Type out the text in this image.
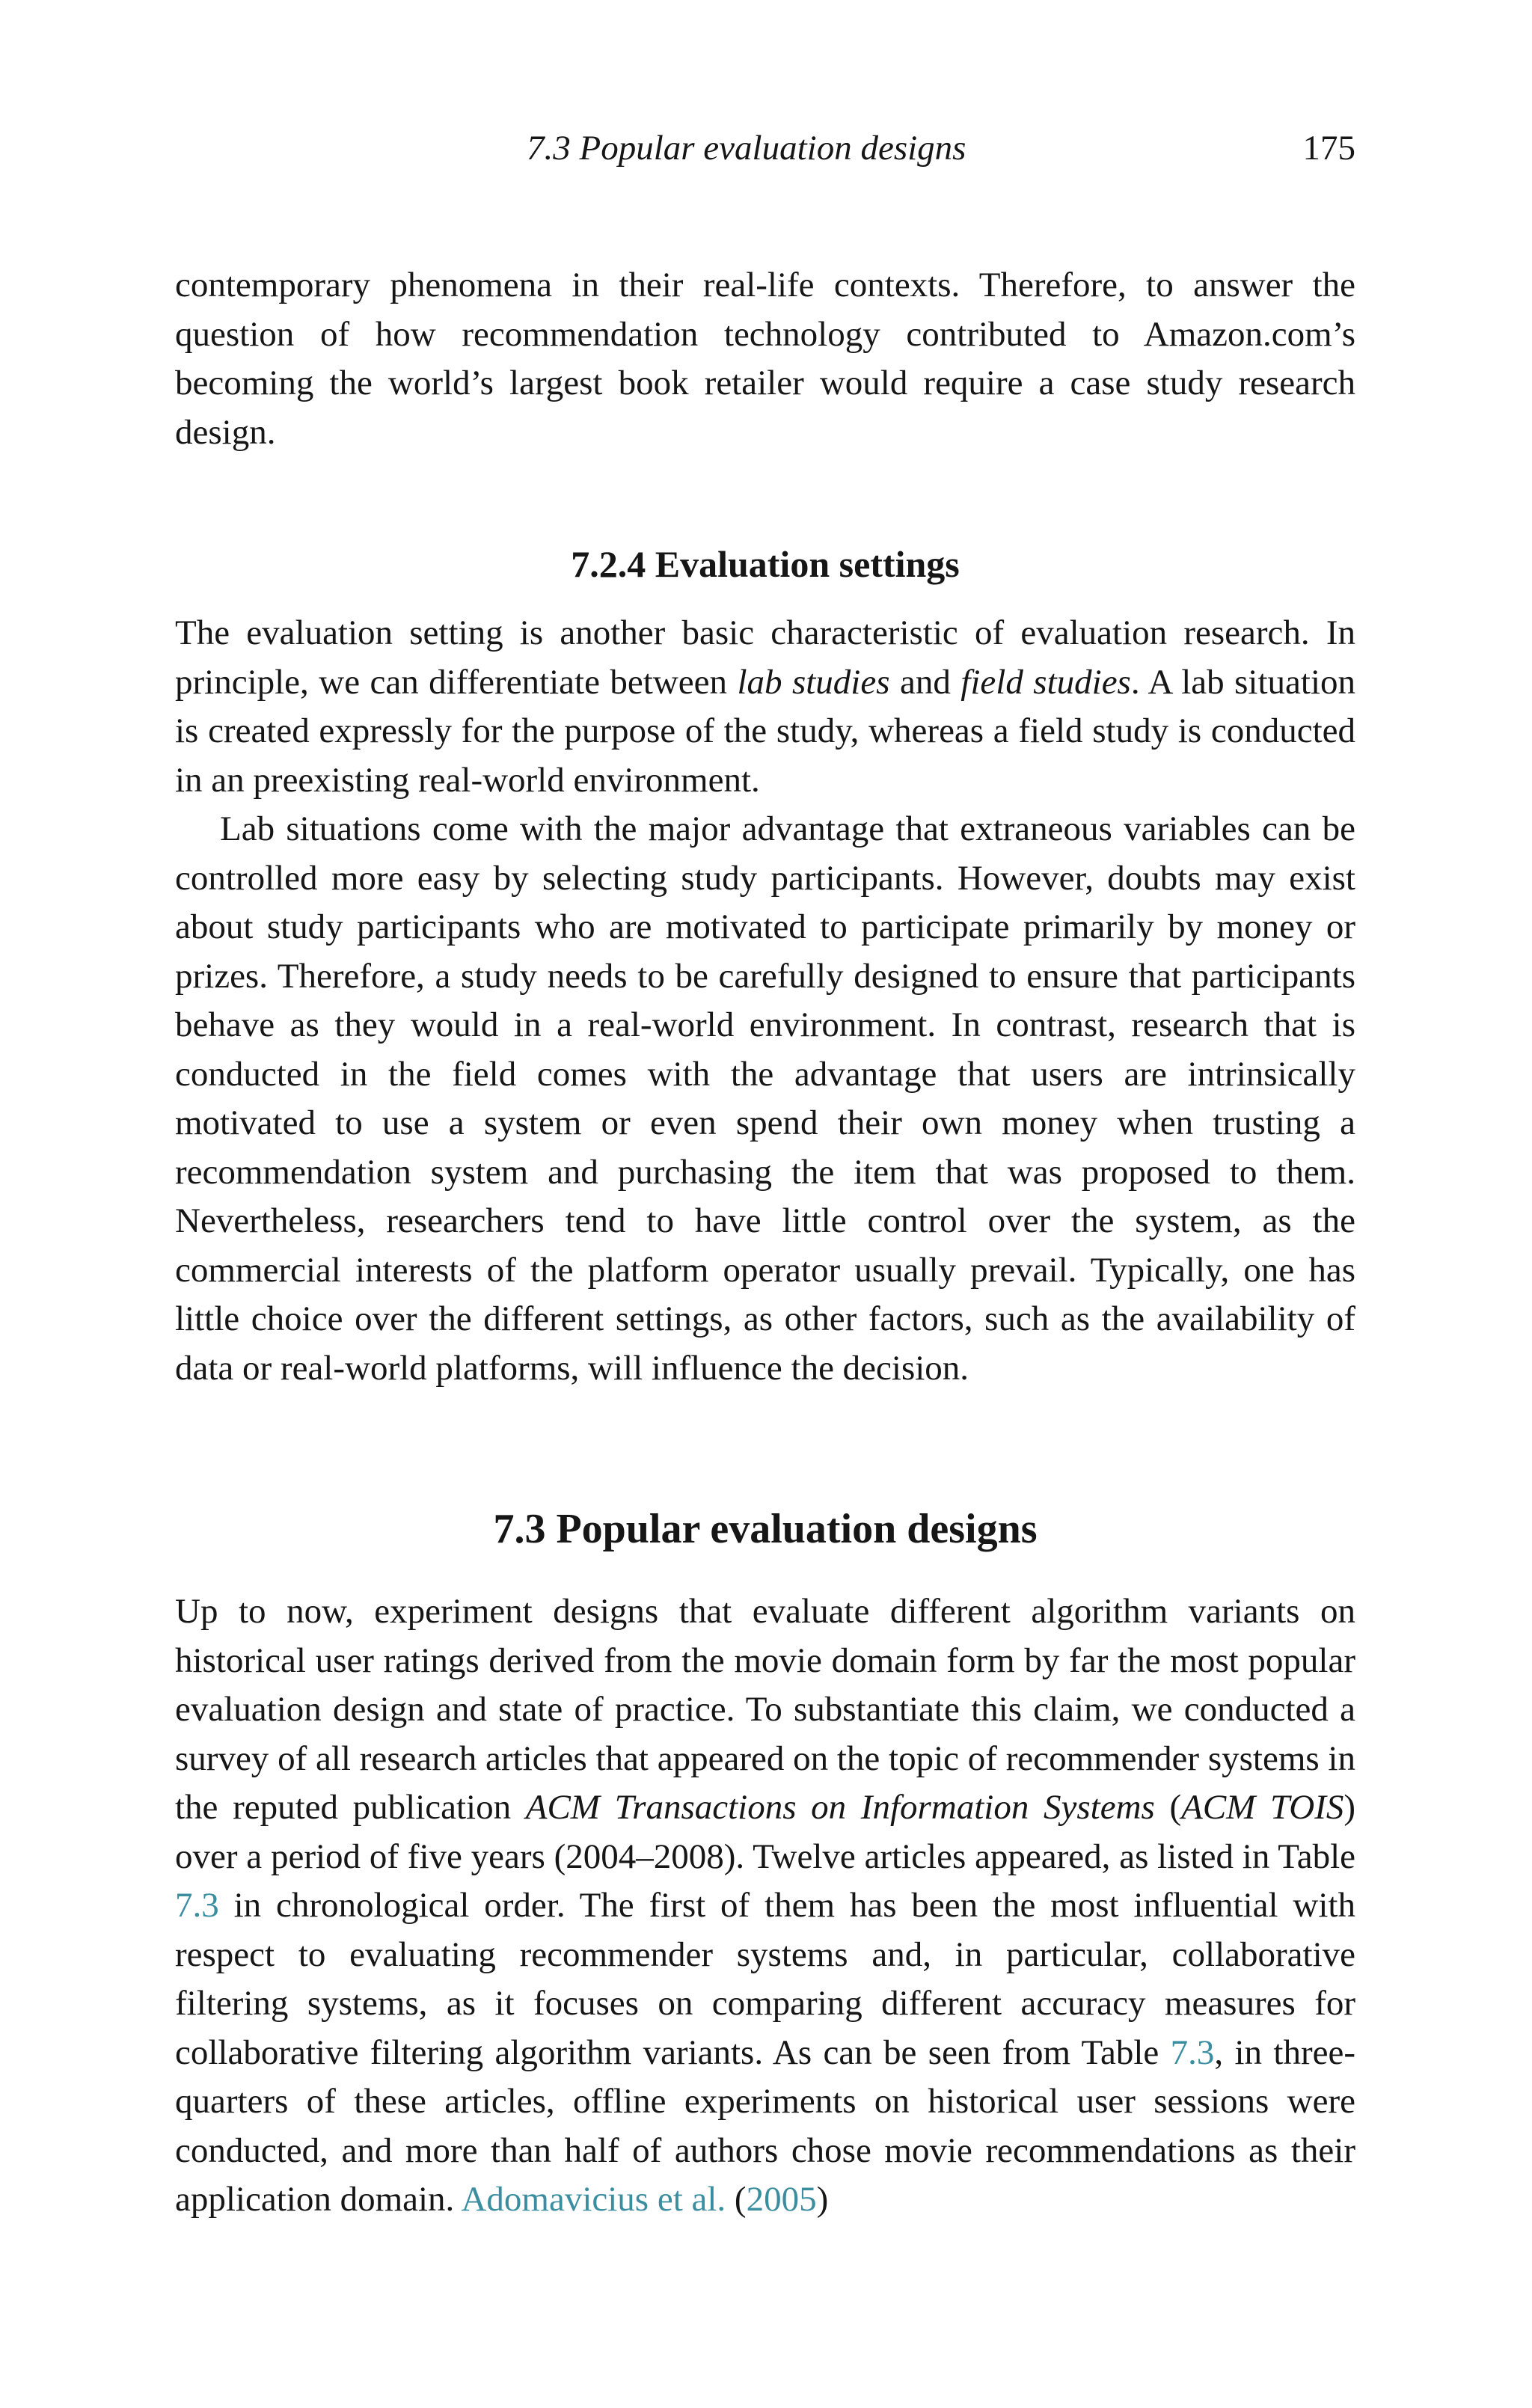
7.3 Popular evaluation designs	175

contemporary phenomena in their real-life contexts. Therefore, to answer the question of how recommendation technology contributed to Amazon.com’s becoming the world’s largest book retailer would require a case study research design.

7.2.4 Evaluation settings

The evaluation setting is another basic characteristic of evaluation research. In principle, we can differentiate between lab studies and field studies. A lab situation is created expressly for the purpose of the study, whereas a field study is conducted in an preexisting real-world environment.

Lab situations come with the major advantage that extraneous variables can be controlled more easy by selecting study participants. However, doubts may exist about study participants who are motivated to participate primarily by money or prizes. Therefore, a study needs to be carefully designed to ensure that participants behave as they would in a real-world environment. In contrast, research that is conducted in the field comes with the advantage that users are intrinsically motivated to use a system or even spend their own money when trusting a recommendation system and purchasing the item that was proposed to them. Nevertheless, researchers tend to have little control over the system, as the commercial interests of the platform operator usually prevail. Typically, one has little choice over the different settings, as other factors, such as the availability of data or real-world platforms, will influence the decision.

7.3 Popular evaluation designs

Up to now, experiment designs that evaluate different algorithm variants on historical user ratings derived from the movie domain form by far the most popular evaluation design and state of practice. To substantiate this claim, we conducted a survey of all research articles that appeared on the topic of recommender systems in the reputed publication ACM Transactions on Information Systems (ACM TOIS) over a period of five years (2004–2008). Twelve articles appeared, as listed in Table 7.3 in chronological order. The first of them has been the most influential with respect to evaluating recommender systems and, in particular, collaborative filtering systems, as it focuses on comparing different accuracy measures for collaborative filtering algorithm variants. As can be seen from Table 7.3, in three-quarters of these articles, offline experiments on historical user sessions were conducted, and more than half of authors chose movie recommendations as their application domain. Adomavicius et al. (2005)
